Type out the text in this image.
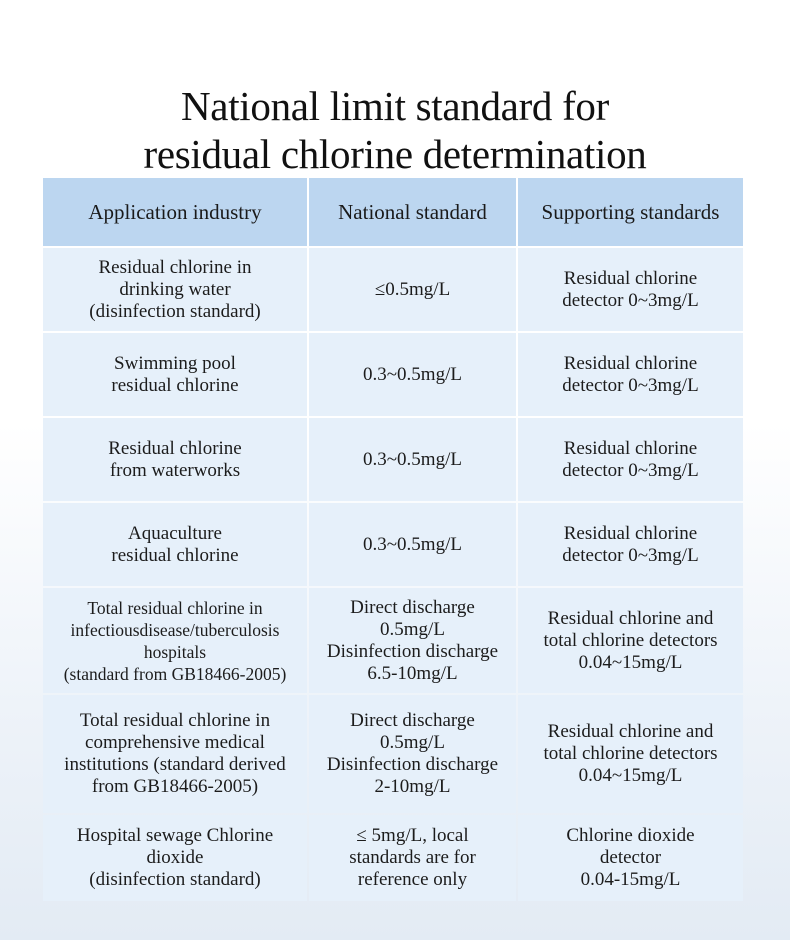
National limit standard for
residual chlorine determination
Application industry	National standard	Supporting standards
Residual chlorine in
drinking water
(disinfection standard)
≤0.5mg/L
Residual chlorine
detector 0~3mg/L
Swimming pool
residual chlorine
0.3~0.5mg/L
Residual chlorine
detector 0~3mg/L
Residual chlorine
from waterworks
0.3~0.5mg/L
Residual chlorine
detector 0~3mg/L
Aquaculture
residual chlorine
0.3~0.5mg/L
Residual chlorine
detector 0~3mg/L
Total residual chlorine in
infectiousdisease/tuberculosis
hospitals
(standard from GB18466-2005)
Direct discharge
0.5mg/L
Disinfection discharge
6.5-10mg/L
Residual chlorine and
total chlorine detectors
0.04~15mg/L
Total residual chlorine in
comprehensive medical
institutions (standard derived
from GB18466-2005)
Direct discharge
0.5mg/L
Disinfection discharge
2-10mg/L
Residual chlorine and
total chlorine detectors
0.04~15mg/L
Hospital sewage Chlorine
dioxide
(disinfection standard)
≤ 5mg/L, local
standards are for
reference only
Chlorine dioxide
detector
0.04-15mg/L
